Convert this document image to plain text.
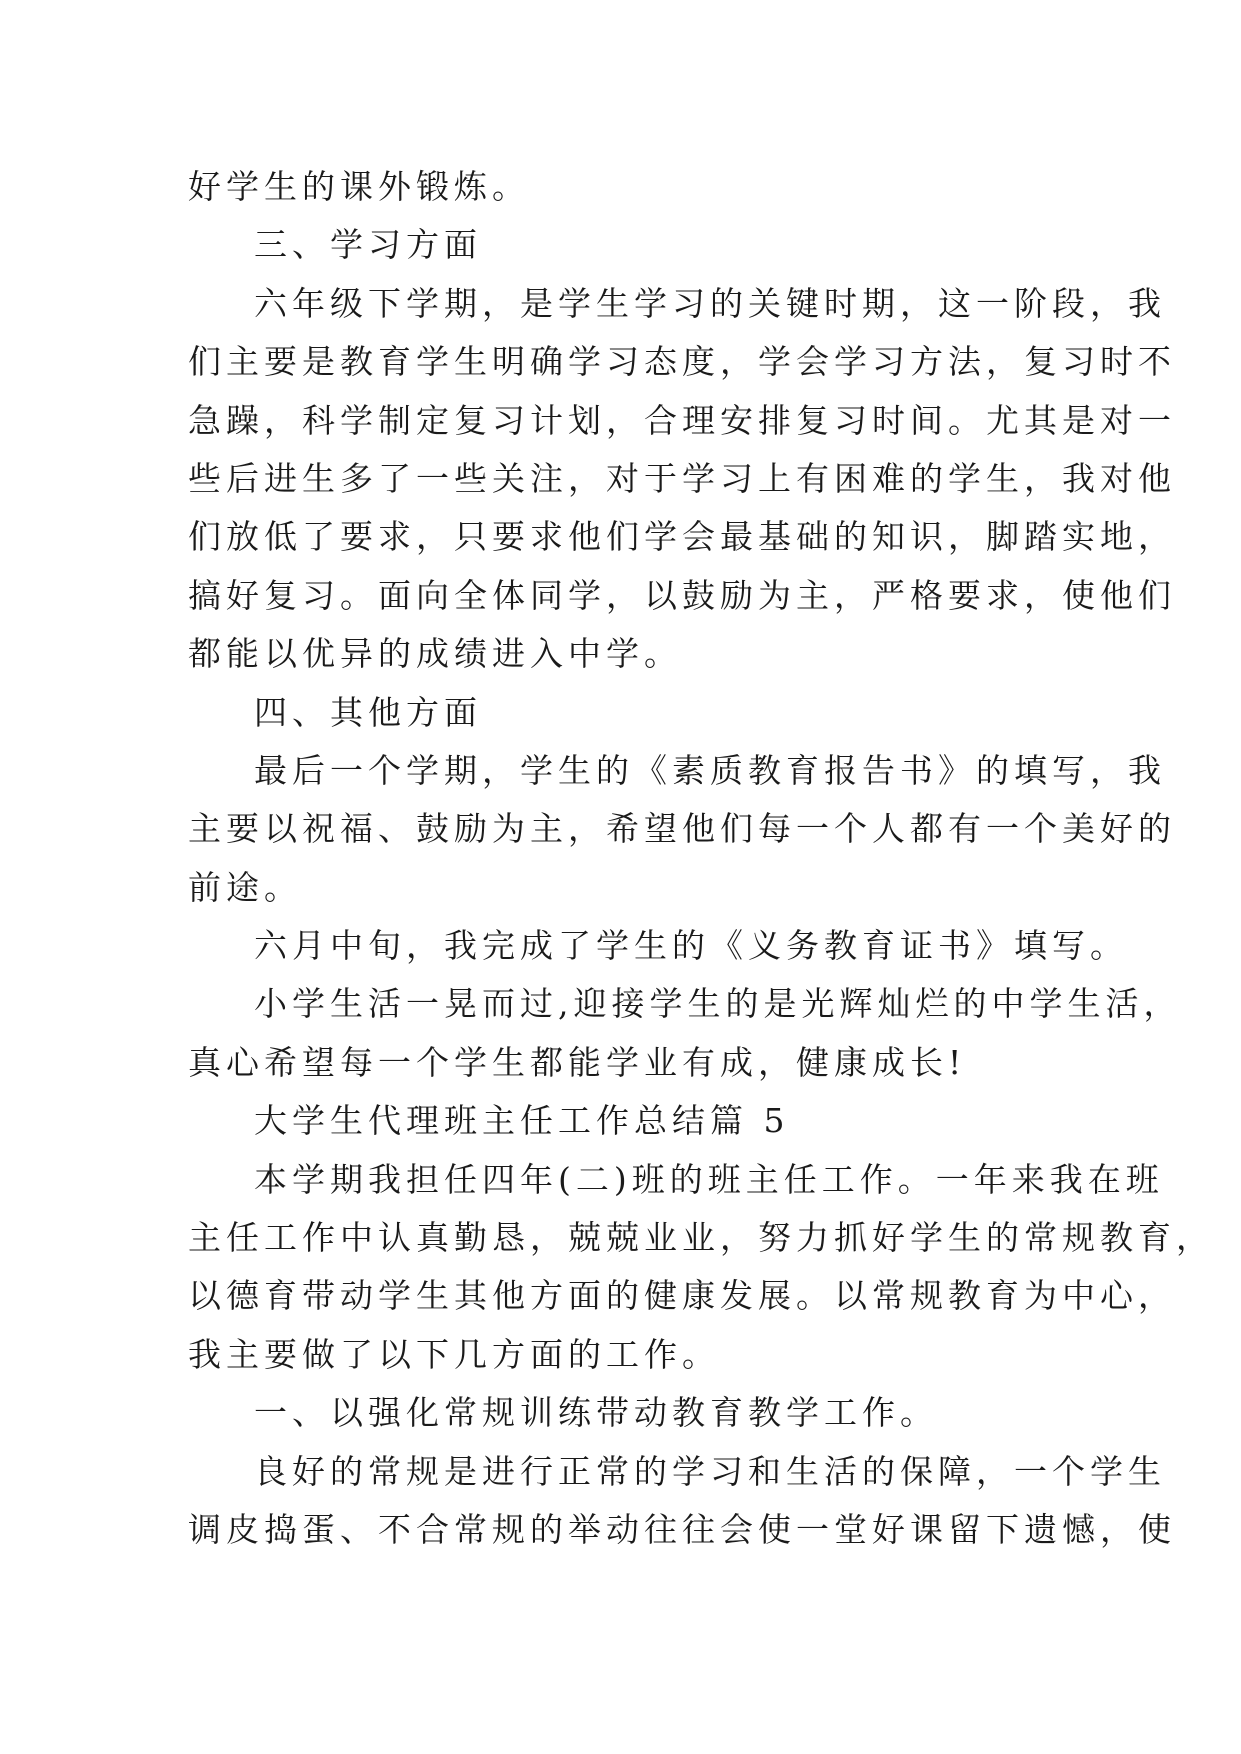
好学生的课外锻炼。
三、学习方面
六年级下学期，是学生学习的关键时期，这一阶段，我
们主要是教育学生明确学习态度，学会学习方法，复习时不
急躁，科学制定复习计划，合理安排复习时间。尤其是对一
些后进生多了一些关注，对于学习上有困难的学生，我对他
们放低了要求，只要求他们学会最基础的知识，脚踏实地，
搞好复习。面向全体同学，以鼓励为主，严格要求，使他们
都能以优异的成绩进入中学。
四、其他方面
最后一个学期，学生的《素质教育报告书》的填写，我
主要以祝福、鼓励为主，希望他们每一个人都有一个美好的
前途。
六月中旬，我完成了学生的《义务教育证书》填写。
小学生活一晃而过,迎接学生的是光辉灿烂的中学生活，
真心希望每一个学生都能学业有成，健康成长!
大学生代理班主任工作总结篇 5
本学期我担任四年(二)班的班主任工作。一年来我在班
主任工作中认真勤恳，兢兢业业，努力抓好学生的常规教育，
以德育带动学生其他方面的健康发展。以常规教育为中心，
我主要做了以下几方面的工作。
一、以强化常规训练带动教育教学工作。
良好的常规是进行正常的学习和生活的保障，一个学生
调皮捣蛋、不合常规的举动往往会使一堂好课留下遗憾，使
